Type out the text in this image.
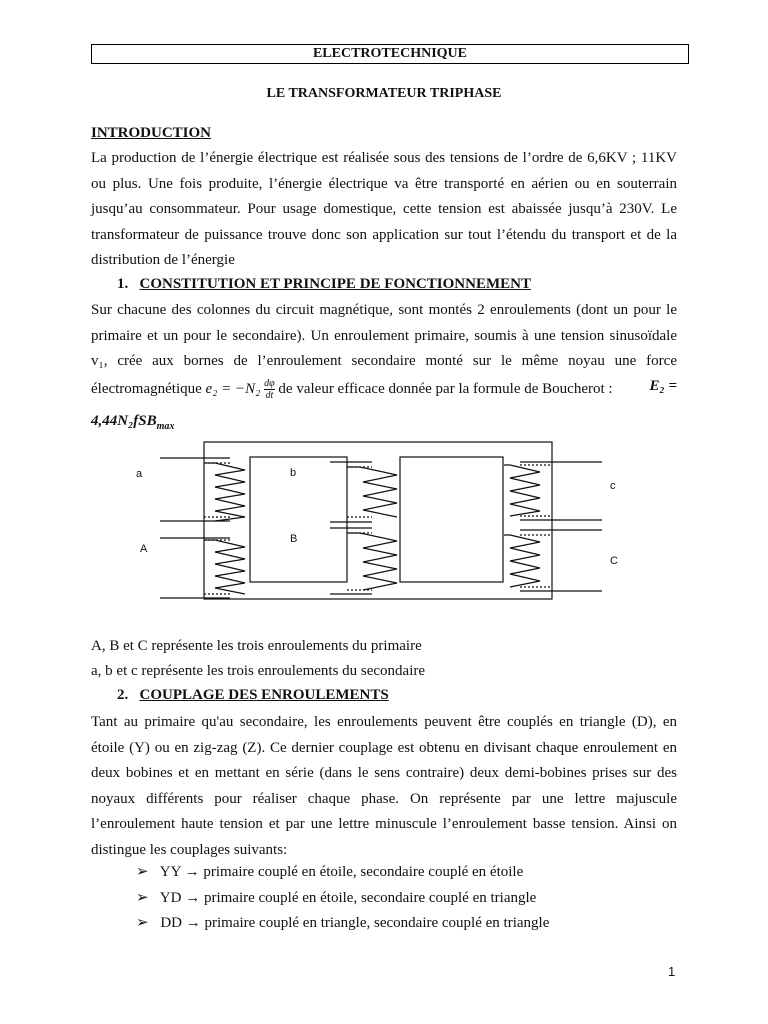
ELECTROTECHNIQUE
LE TRANSFORMATEUR TRIPHASE
INTRODUCTION
La production de l’énergie électrique est réalisée sous des tensions de l’ordre de 6,6KV ; 11KV
ou plus. Une fois produite, l’énergie électrique va être transporté en aérien ou en souterrain
jusqu’au consommateur. Pour usage domestique, cette tension est abaissée jusqu’à 230V. Le
transformateur de puissance trouve donc son application sur tout l’étendu du transport et de la
distribution de l’énergie
1. CONSTITUTION ET PRINCIPE DE FONCTIONNEMENT
Sur chacune des colonnes du circuit magnétique, sont montés 2 enroulements (dont un pour le
primaire et un pour le secondaire). Un enroulement primaire, soumis à une tension sinusoïdale
v₁, crée aux bornes de l’enroulement secondaire monté sur le même noyau une force
électromagnétique $e_2 = -N_2 \frac{d\varphi}{dt}$ de valeur efficace donnée par la formule de Boucherot : E₂ =
4,44N₂fSB$_{max}$
a	b
c
A
B
C
A, B et C représente les trois enroulements du primaire
a, b et c représente les trois enroulements du secondaire
2. COUPLAGE DES ENROULEMENTS
Tant au primaire qu'au secondaire, les enroulements peuvent être couplés en triangle (D), en
étoile (Y) ou en zig-zag (Z). Ce dernier couplage est obtenu en divisant chaque enroulement en
deux bobines et en mettant en série (dans le sens contraire) deux demi-bobines prises sur des
noyaux différents pour réaliser chaque phase. On représente par une lettre majuscule
l’enroulement haute tension et par une lettre minuscule l’enroulement basse tension. Ainsi on
distingue les couplages suivants:
➢ YY → primaire couplé en étoile, secondaire couplé en étoile
➢ YD → primaire couplé en étoile, secondaire couplé en triangle
➢ DD → primaire couplé en triangle, secondaire couplé en triangle
1
